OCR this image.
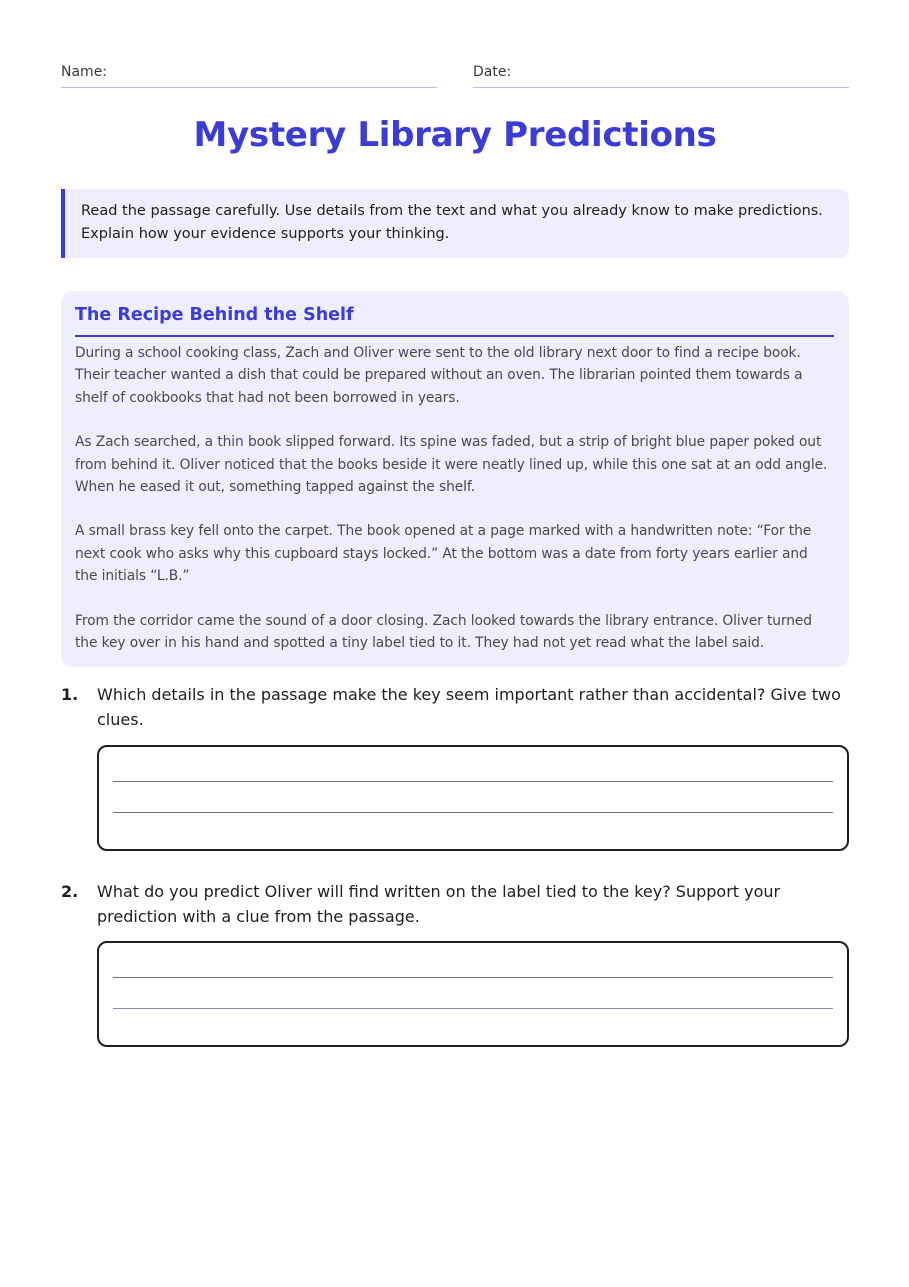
Name:	Date:
Mystery Library Predictions
Read the passage carefully. Use details from the text and what you already know to make predictions.
Explain how your evidence supports your thinking.
The Recipe Behind the Shelf

During a school cooking class, Zach and Oliver were sent to the old library next door to find a recipe book. Their teacher wanted a dish that could be prepared without an oven. The librarian pointed them towards a shelf of cookbooks that had not been borrowed in years.

As Zach searched, a thin book slipped forward. Its spine was faded, but a strip of bright blue paper poked out from behind it. Oliver noticed that the books beside it were neatly lined up, while this one sat at an odd angle. When he eased it out, something tapped against the shelf.

A small brass key fell onto the carpet. The book opened at a page marked with a handwritten note: “For the next cook who asks why this cupboard stays locked.” At the bottom was a date from forty years earlier and the initials “L.B.”

From the corridor came the sound of a door closing. Zach looked towards the library entrance. Oliver turned the key over in his hand and spotted a tiny label tied to it. They had not yet read what the label said.

1. Which details in the passage make the key seem important rather than accidental? Give two clues.
2. What do you predict Oliver will find written on the label tied to the key? Support your prediction with a clue from the passage.
